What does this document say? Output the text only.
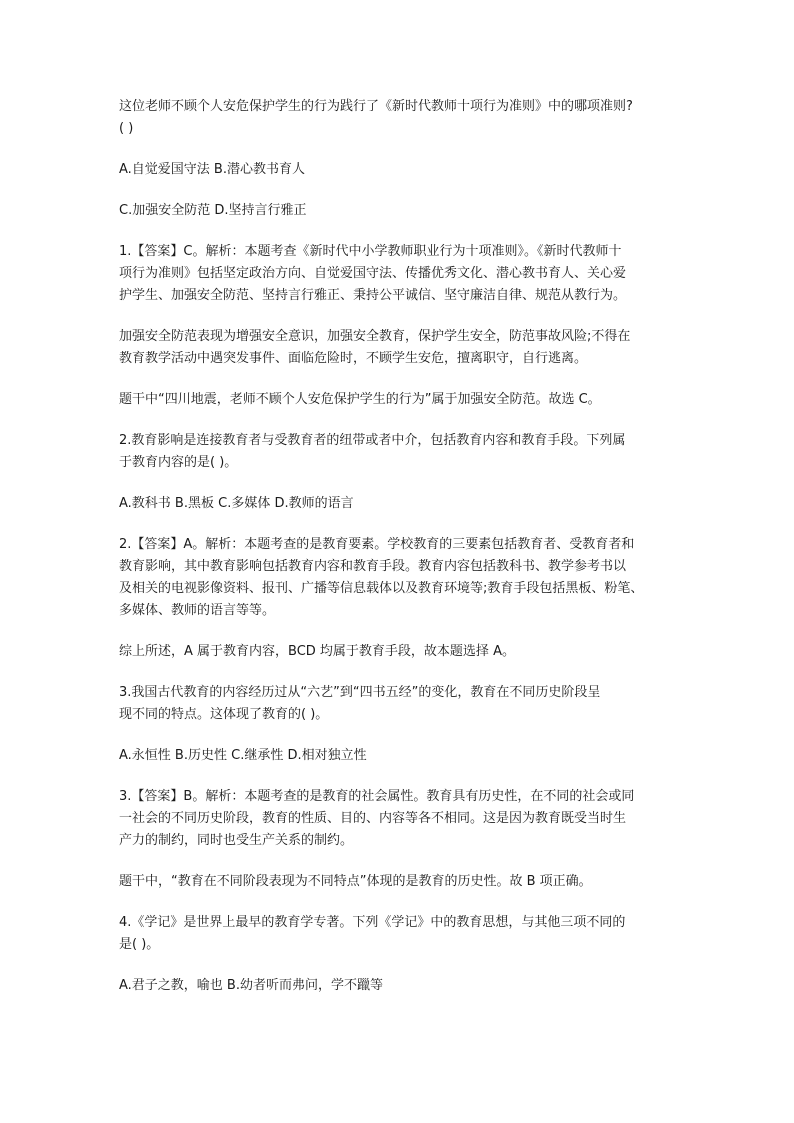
这位老师不顾个人安危保护学生的行为践行了《新时代教师十项行为准则》中的哪项准则?
( )
A.自觉爱国守法 B.潜心教书育人
C.加强安全防范 D.坚持言行雅正
1.【答案】C。解析：本题考查《新时代中小学教师职业行为十项准则》。《新时代教师十
项行为准则》包括坚定政治方向、自觉爱国守法、传播优秀文化、潜心教书育人、关心爱
护学生、加强安全防范、坚持言行雅正、秉持公平诚信、坚守廉洁自律、规范从教行为。
加强安全防范表现为增强安全意识，加强安全教育，保护学生安全，防范事故风险;不得在
教育教学活动中遇突发事件、面临危险时，不顾学生安危，擅离职守，自行逃离。
题干中“四川地震，老师不顾个人安危保护学生的行为”属于加强安全防范。故选 C。
2.教育影响是连接教育者与受教育者的纽带或者中介，包括教育内容和教育手段。下列属
于教育内容的是( )。
A.教科书 B.黑板 C.多媒体 D.教师的语言
2.【答案】A。解析：本题考查的是教育要素。学校教育的三要素包括教育者、受教育者和
教育影响，其中教育影响包括教育内容和教育手段。教育内容包括教科书、教学参考书以
及相关的电视影像资料、报刊、广播等信息载体以及教育环境等;教育手段包括黑板、粉笔、
多媒体、教师的语言等等。
综上所述，A 属于教育内容，BCD 均属于教育手段，故本题选择 A。
3.我国古代教育的内容经历过从“六艺”到“四书五经”的变化，教育在不同历史阶段呈
现不同的特点。这体现了教育的( )。
A.永恒性 B.历史性 C.继承性 D.相对独立性
3.【答案】B。解析：本题考查的是教育的社会属性。教育具有历史性，在不同的社会或同
一社会的不同历史阶段，教育的性质、目的、内容等各不相同。这是因为教育既受当时生
产力的制约，同时也受生产关系的制约。
题干中，“教育在不同阶段表现为不同特点”体现的是教育的历史性。故 B 项正确。
4.《学记》是世界上最早的教育学专著。下列《学记》中的教育思想，与其他三项不同的
是( )。
A.君子之教，喻也 B.幼者听而弗问，学不躐等
